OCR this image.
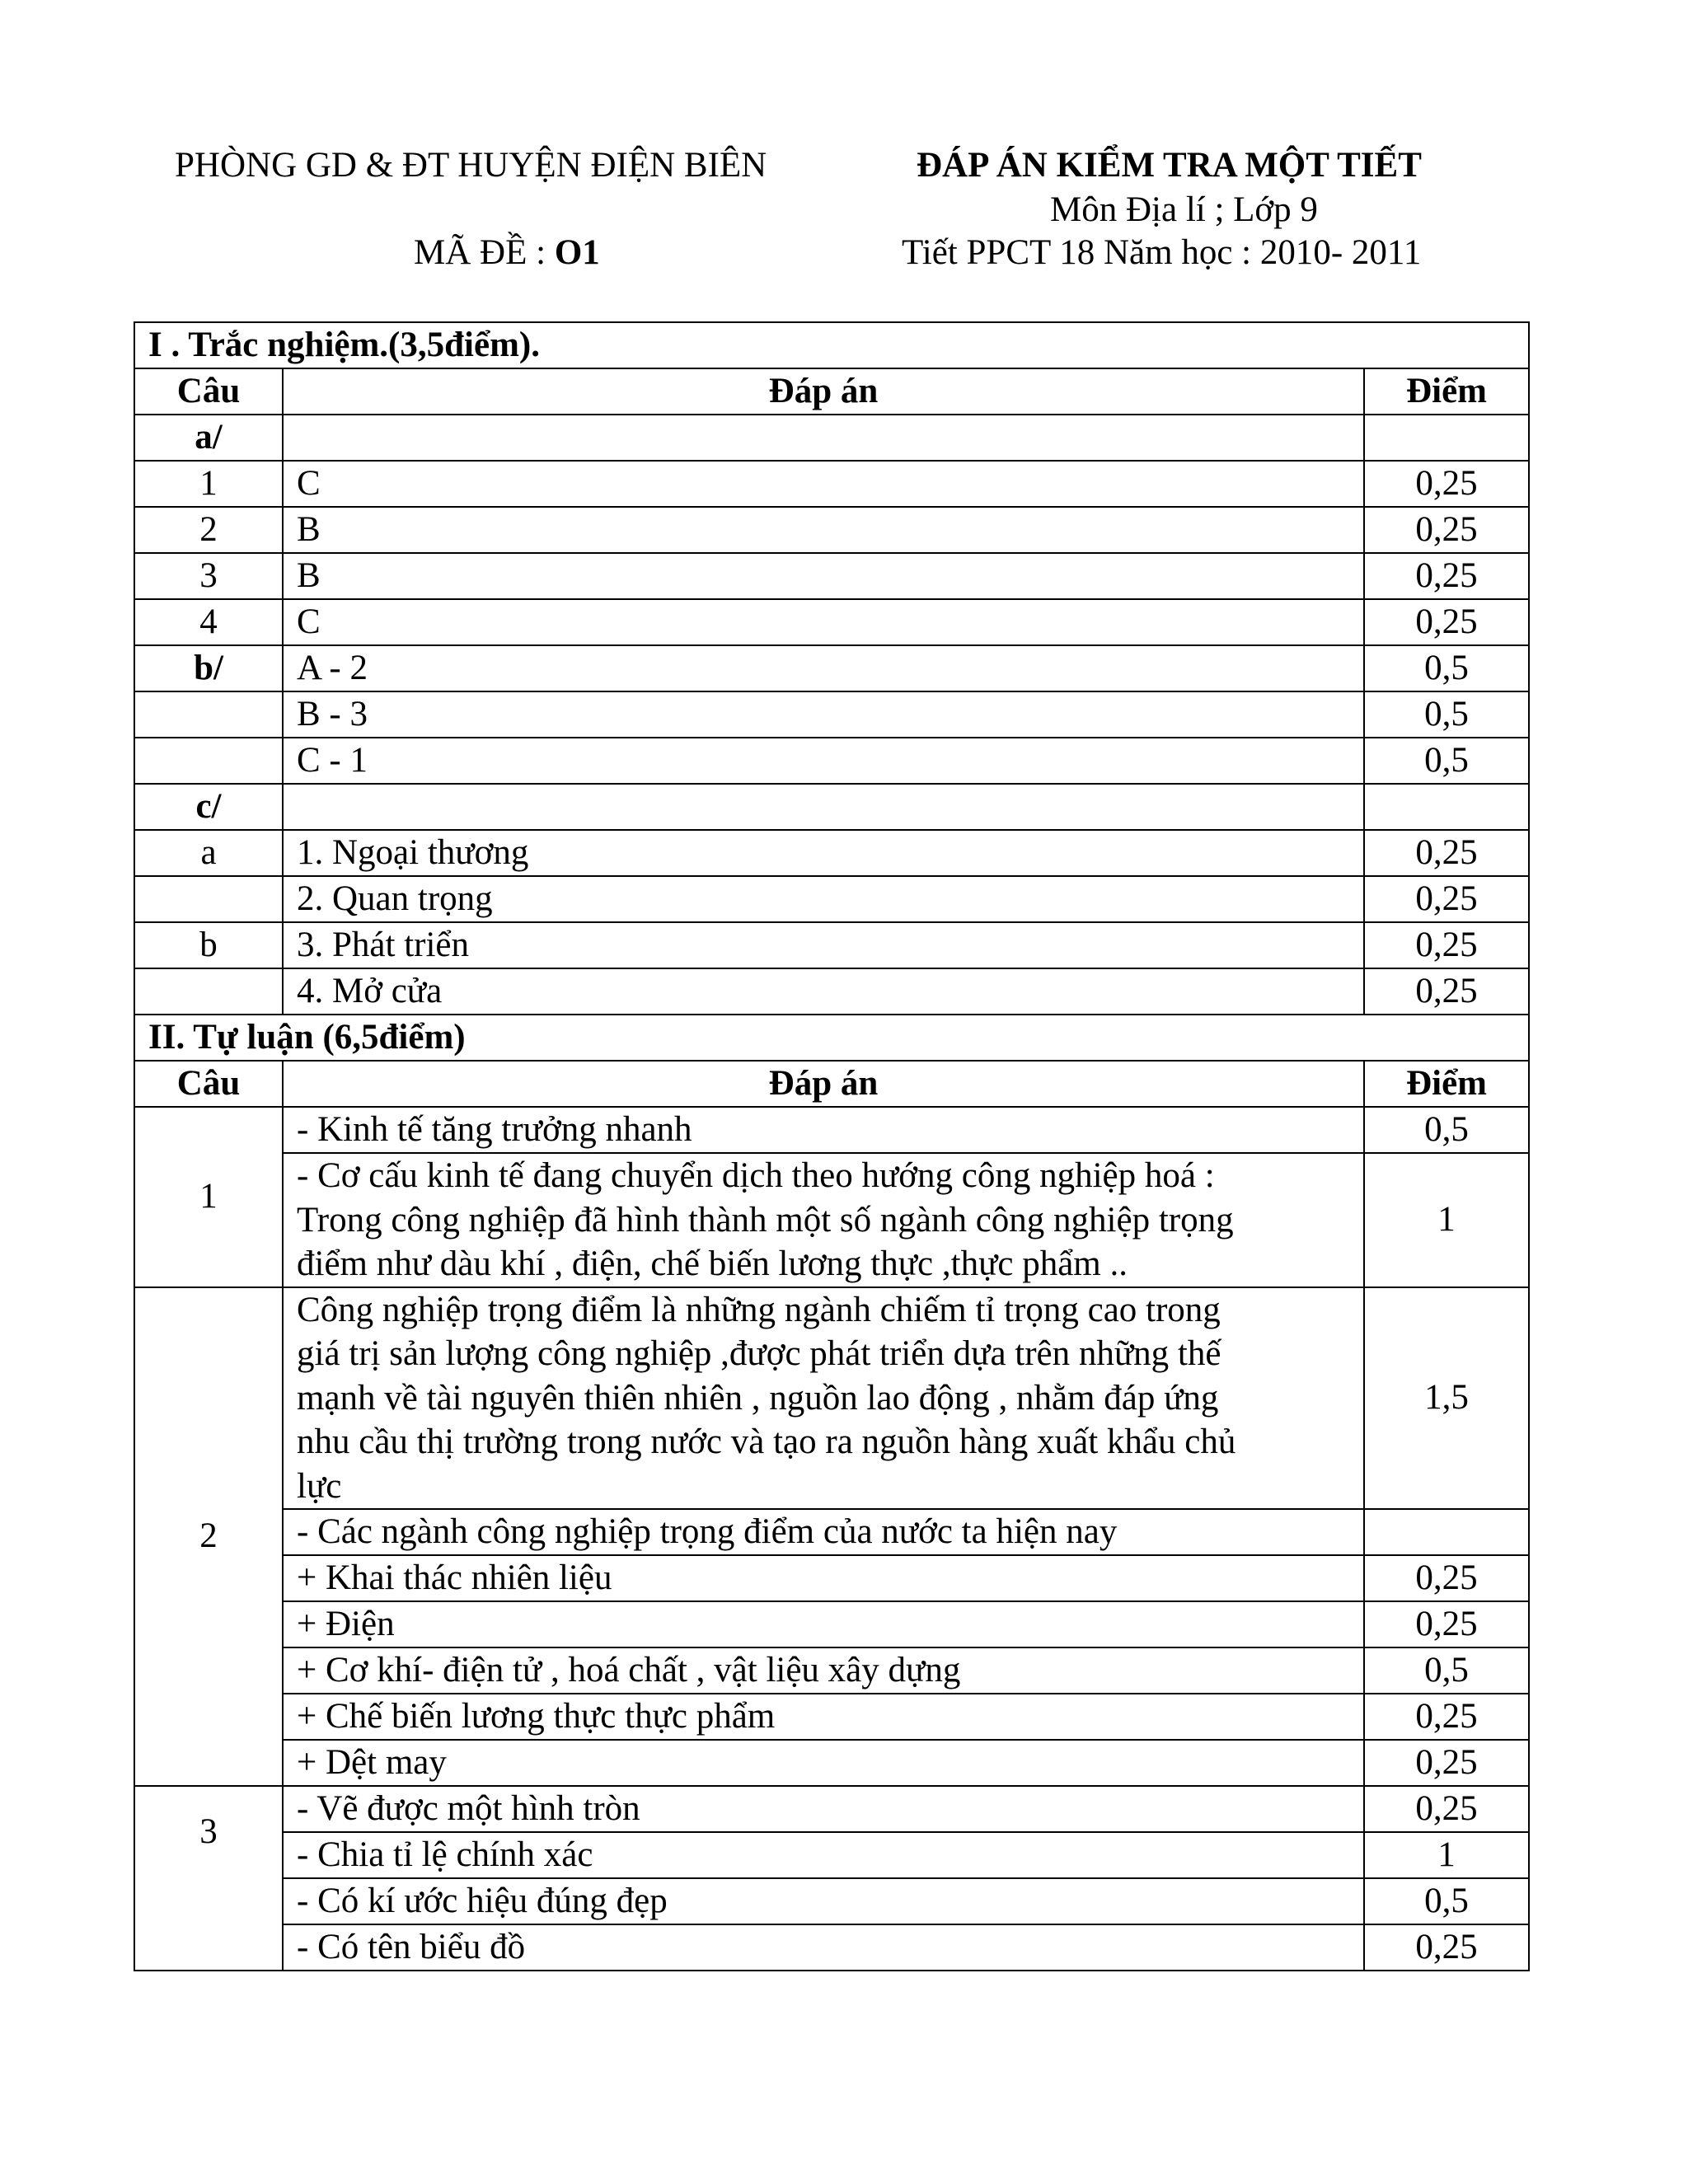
PHÒNG GD & ĐT HUYỆN ĐIỆN BIÊN	ĐÁP ÁN KIỂM TRA MỘT TIẾT
Môn Địa lí ; Lớp 9
MÃ ĐỀ : O1	Tiết PPCT 18 Năm học : 2010- 2011
I . Trắc nghiệm.(3,5điểm).		
Câu	Đáp án	Điểm
a/		
1	C	0,25
2	B	0,25
3	B	0,25
4	C	0,25
b/	A - 2	0,5
	B - 3	0,5
	C - 1	0,5
c/		
a	1. Ngoại thương	0,25
	2. Quan trọng	0,25
b	3. Phát triển	0,25
	4. Mở cửa	0,25
II. Tự luận (6,5điểm)		
Câu	Đáp án	Điểm
1	- Kinh tế tăng trưởng nhanh	0,5

	- Cơ cấu kinh tế đang chuyển dịch theo hướng công nghiệp hoá :
Trong công nghiệp đã hình thành một số ngành công nghiệp trọng
điểm như dàu khí , điện, chế biến lương thực ,thực phẩm ..	1
2	Công nghiệp trọng điểm là những ngành chiếm tỉ trọng cao trong
giá trị sản lượng công nghiệp ,được phát triển dựa trên những thế
mạnh về tài nguyên thiên nhiên , nguồn lao động , nhằm đáp ứng
nhu cầu thị trường trong nước và tạo ra nguồn hàng xuất khẩu chủ
lực	1,5
	- Các ngành công nghiệp trọng điểm của nước ta hiện nay	
	+ Khai thác nhiên liệu	0,25
	+ Điện	0,25
	+ Cơ khí- điện tử , hoá chất , vật liệu xây dựng	0,5
	+ Chế biến lương thực thực phẩm	0,25
	+ Dệt may	0,25
3	- Vẽ được một hình tròn	0,25
	- Chia tỉ lệ chính xác	1
	- Có kí ước hiệu đúng đẹp	0,5
	- Có tên biểu đồ	0,25
